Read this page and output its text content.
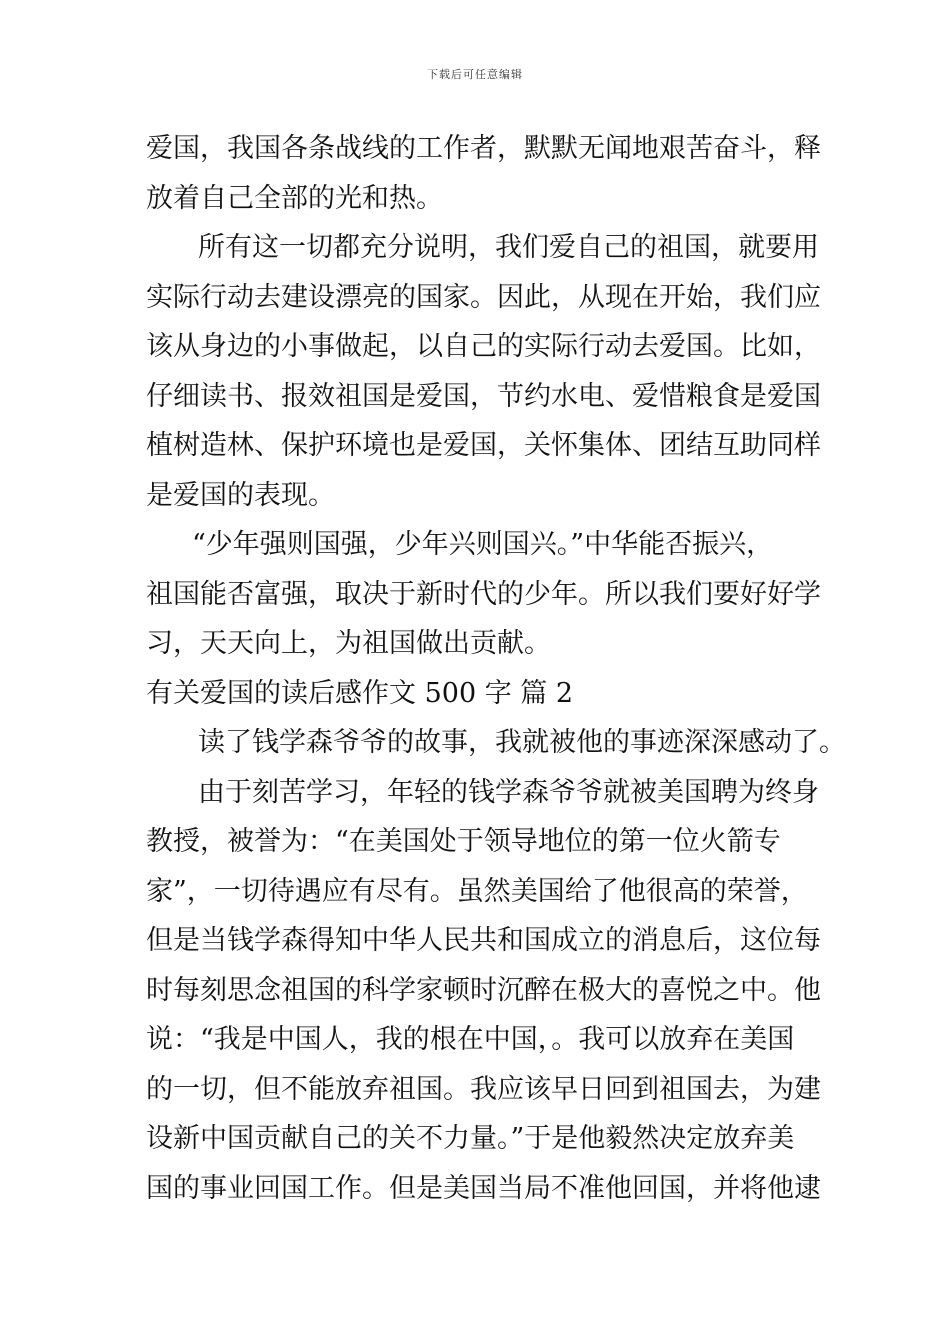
下载后可任意编辑
爱国，我国各条战线的工作者，默默无闻地艰苦奋斗，释
放着自己全部的光和热。
所有这一切都充分说明，我们爱自己的祖国，就要用
实际行动去建设漂亮的国家。因此，从现在开始，我们应
该从身边的小事做起，以自己的实际行动去爱国。比如，
仔细读书、报效祖国是爱国，节约水电、爱惜粮食是爱国
植树造林、保护环境也是爱国，关怀集体、团结互助同样
是爱国的表现。
“少年强则国强，少年兴则国兴。”中华能否振兴，
祖国能否富强，取决于新时代的少年。所以我们要好好学
习，天天向上，为祖国做出贡献。
有关爱国的读后感作文 500 字 篇 2
读了钱学森爷爷的故事，我就被他的事迹深深感动了。
由于刻苦学习，年轻的钱学森爷爷就被美国聘为终身
教授，被誉为：“在美国处于领导地位的第一位火箭专
家”，一切待遇应有尽有。虽然美国给了他很高的荣誉，
但是当钱学森得知中华人民共和国成立的消息后，这位每
时每刻思念祖国的科学家顿时沉醉在极大的喜悦之中。他
说：“我是中国人，我的根在中国，。我可以放弃在美国
的一切，但不能放弃祖国。我应该早日回到祖国去，为建
设新中国贡献自己的关不力量。”于是他毅然决定放弃美
国的事业回国工作。但是美国当局不准他回国，并将他逮
